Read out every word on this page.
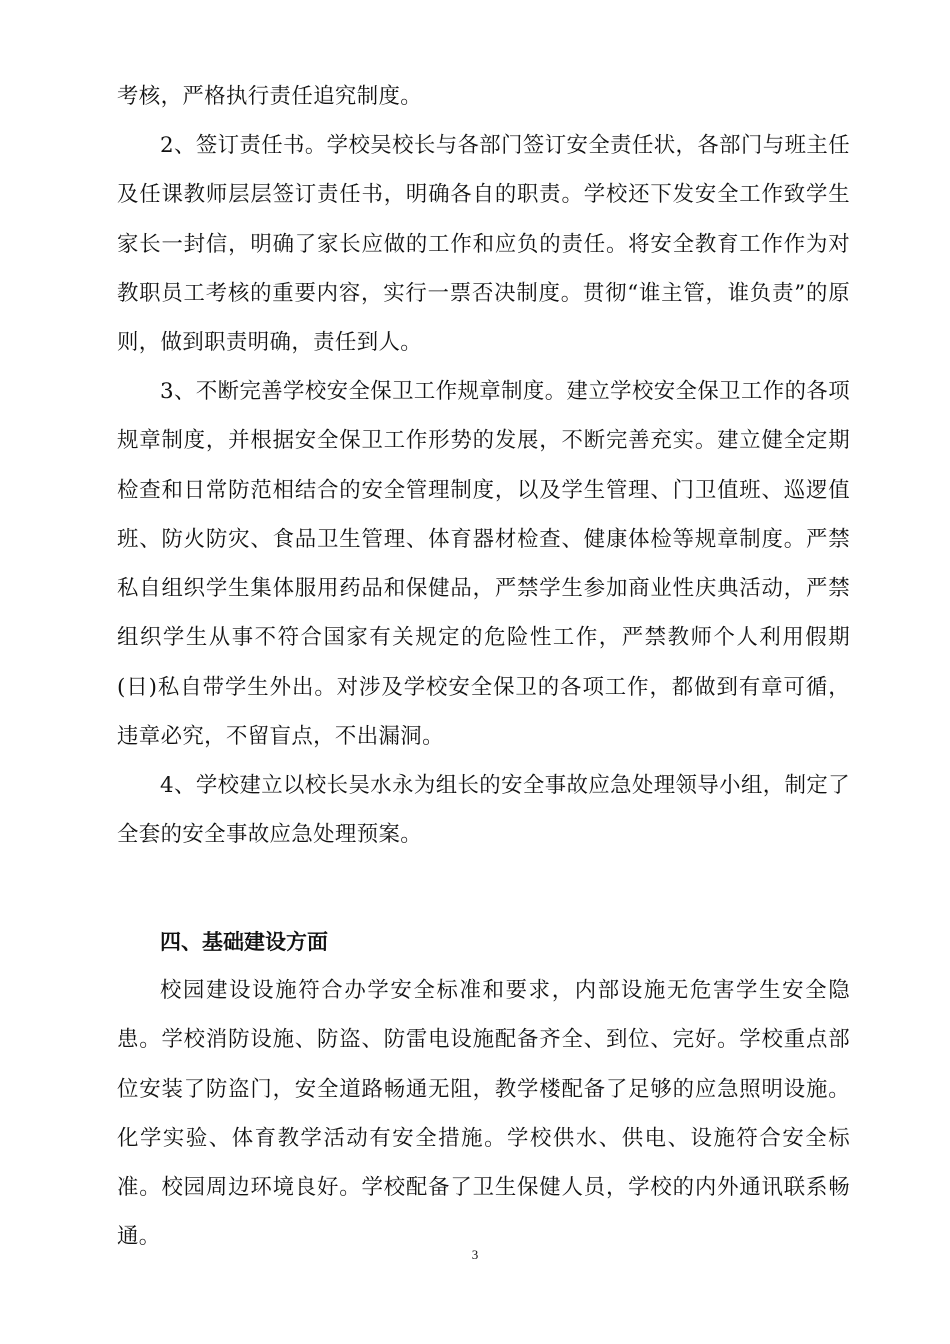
考核，严格执行责任追究制度。

2、签订责任书。学校吴校长与各部门签订安全责任状，各部门与班主任及任课教师层层签订责任书，明确各自的职责。学校还下发安全工作致学生家长一封信，明确了家长应做的工作和应负的责任。将安全教育工作作为对教职员工考核的重要内容，实行一票否决制度。贯彻“谁主管，谁负责”的原则，做到职责明确，责任到人。

3、不断完善学校安全保卫工作规章制度。建立学校安全保卫工作的各项规章制度，并根据安全保卫工作形势的发展，不断完善充实。建立健全定期检查和日常防范相结合的安全管理制度，以及学生管理、门卫值班、巡逻值班、防火防灾、食品卫生管理、体育器材检查、健康体检等规章制度。严禁私自组织学生集体服用药品和保健品，严禁学生参加商业性庆典活动，严禁组织学生从事不符合国家有关规定的危险性工作，严禁教师个人利用假期(日)私自带学生外出。对涉及学校安全保卫的各项工作，都做到有章可循，违章必究，不留盲点，不出漏洞。

4、学校建立以校长吴水永为组长的安全事故应急处理领导小组，制定了全套的安全事故应急处理预案。

四、基础建设方面

校园建设设施符合办学安全标准和要求，内部设施无危害学生安全隐患。学校消防设施、防盗、防雷电设施配备齐全、到位、完好。学校重点部位安装了防盗门，安全道路畅通无阻，教学楼配备了足够的应急照明设施。化学实验、体育教学活动有安全措施。学校供水、供电、设施符合安全标准。校园周边环境良好。学校配备了卫生保健人员，学校的内外通讯联系畅通。

3
